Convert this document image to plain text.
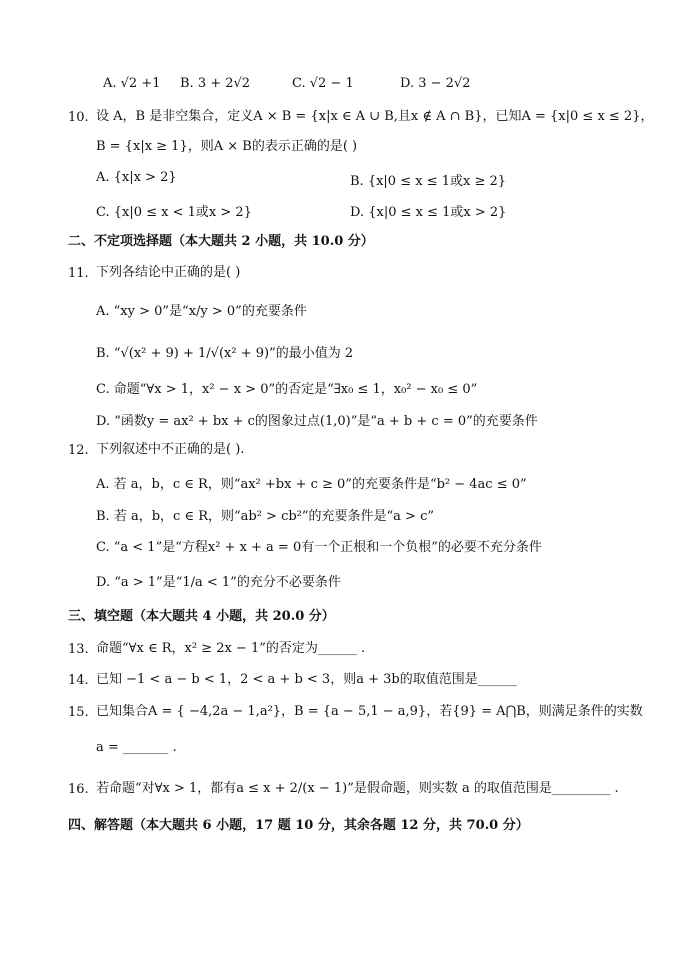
A. √2 +1 B. 3 + 2√2	C. √2 − 1	D. 3 − 2√2
10. 设 A，B 是非空集合，定义A × B = {x|x ∈ A ∪ B,且x ∉ A ∩ B}，已知A = {x|0 ≤ x ≤ 2}，
B = {x|x ≥ 1}，则A × B的表示正确的是( )
A. {x|x > 2}	B. {x|0 ≤ x ≤ 1或x ≥ 2}
C. {x|0 ≤ x < 1或x > 2}	D. {x|0 ≤ x ≤ 1或x > 2}
二、不定项选择题（本大题共 2 小题，共 10.0 分）
11. 下列各结论中正确的是( )
A. “xy > 0”是“x/y > 0”的充要条件
B. “√(x² + 9) + 1/√(x² + 9)”的最小值为 2
C. 命题“∀x > 1，x² − x > 0”的否定是“∃x₀ ≤ 1，x₀² − x₀ ≤ 0”
D. “函数y = ax² + bx + c的图象过点(1,0)”是“a + b + c = 0”的充要条件
12. 下列叙述中不正确的是( ).
A. 若 a，b，c ∈ R，则“ax² +bx + c ≥ 0”的充要条件是“b² − 4ac ≤ 0”
B. 若 a，b，c ∈ R，则“ab² > cb²”的充要条件是“a > c”
C. “a < 1”是“方程x² + x + a = 0有一个正根和一个负根”的必要不充分条件
D. “a > 1”是“1/a < 1”的充分不必要条件
三、填空题（本大题共 4 小题，共 20.0 分）
13. 命题“∀x ∈ R，x² ≥ 2x − 1”的否定为______ .
14. 已知 −1 < a − b < 1，2 < a + b < 3，则a + 3b的取值范围是______
15. 已知集合A = { −4,2a − 1,a²}，B = {a − 5,1 − a,9}，若{9} = A⋂B，则满足条件的实数
a = _______ .
16. 若命题“对∀x > 1，都有a ≤ x + 2/(x − 1)”是假命题，则实数 a 的取值范围是_________ .
四、解答题（本大题共 6 小题，17 题 10 分，其余各题 12 分，共 70.0 分）
